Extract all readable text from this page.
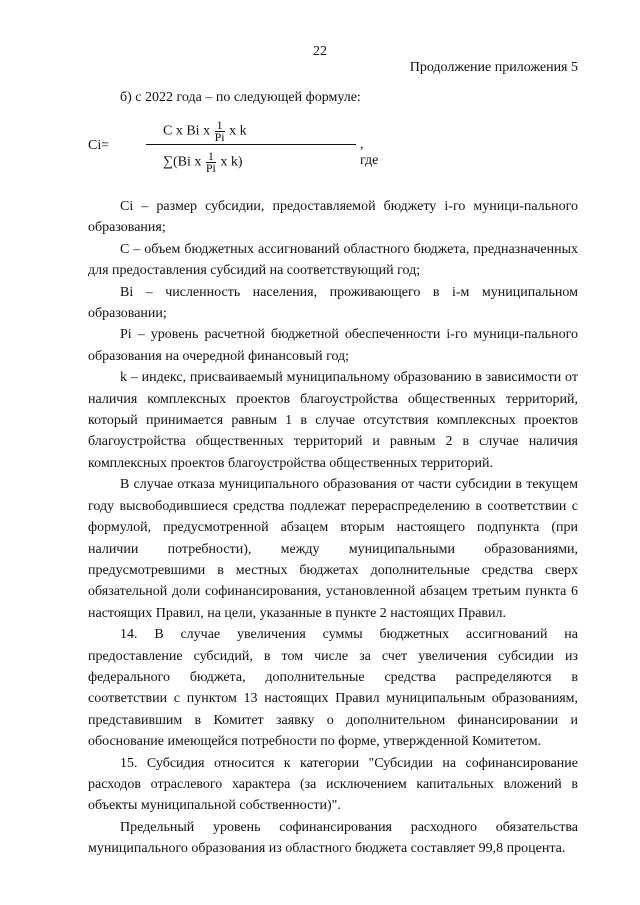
22
Продолжение приложения 5
б) с 2022 года – по следующей формуле:
Ci=
C x Bi x $\frac{1}{Pi}$ x k
∑(Bi x $\frac{1}{Pi}$ x k)
, где

Ci – размер субсидии, предоставляемой бюджету i-го муници-пального образования;

C – объем бюджетных ассигнований областного бюджета, предназначенных для предоставления субсидий на соответствующий год;

Bi – численность населения, проживающего в i-м муниципальном образовании;

Pi – уровень расчетной бюджетной обеспеченности i-го муници-пального образования на очередной финансовый год;

k – индекс, присваиваемый муниципальному образованию в зависимости от наличия комплексных проектов благоустройства общественных территорий, который принимается равным 1 в случае отсутствия комплексных проектов благоустройства общественных территорий и равным 2 в случае наличия комплексных проектов благоустройства общественных территорий.

В случае отказа муниципального образования от части субсидии в текущем году высвободившиеся средства подлежат перераспределению в соответствии с формулой, предусмотренной абзацем вторым настоящего подпункта (при наличии потребности), между муниципальными образованиями, предусмотревшими в местных бюджетах дополнительные средства сверх обязательной доли софинансирования, установленной абзацем третьим пункта 6 настоящих Правил, на цели, указанные в пункте 2 настоящих Правил.

14. В случае увеличения суммы бюджетных ассигнований на предоставление субсидий, в том числе за счет увеличения субсидии из федерального бюджета, дополнительные средства распределяются в соответствии с пунктом 13 настоящих Правил муниципальным образованиям, представившим в Комитет заявку о дополнительном финансировании и обоснование имеющейся потребности по форме, утвержденной Комитетом.

15. Субсидия относится к категории "Субсидии на софинансирование расходов отраслевого характера (за исключением капитальных вложений в объекты муниципальной собственности)".

Предельный уровень софинансирования расходного обязательства муниципального образования из областного бюджета составляет 99,8 процента.
